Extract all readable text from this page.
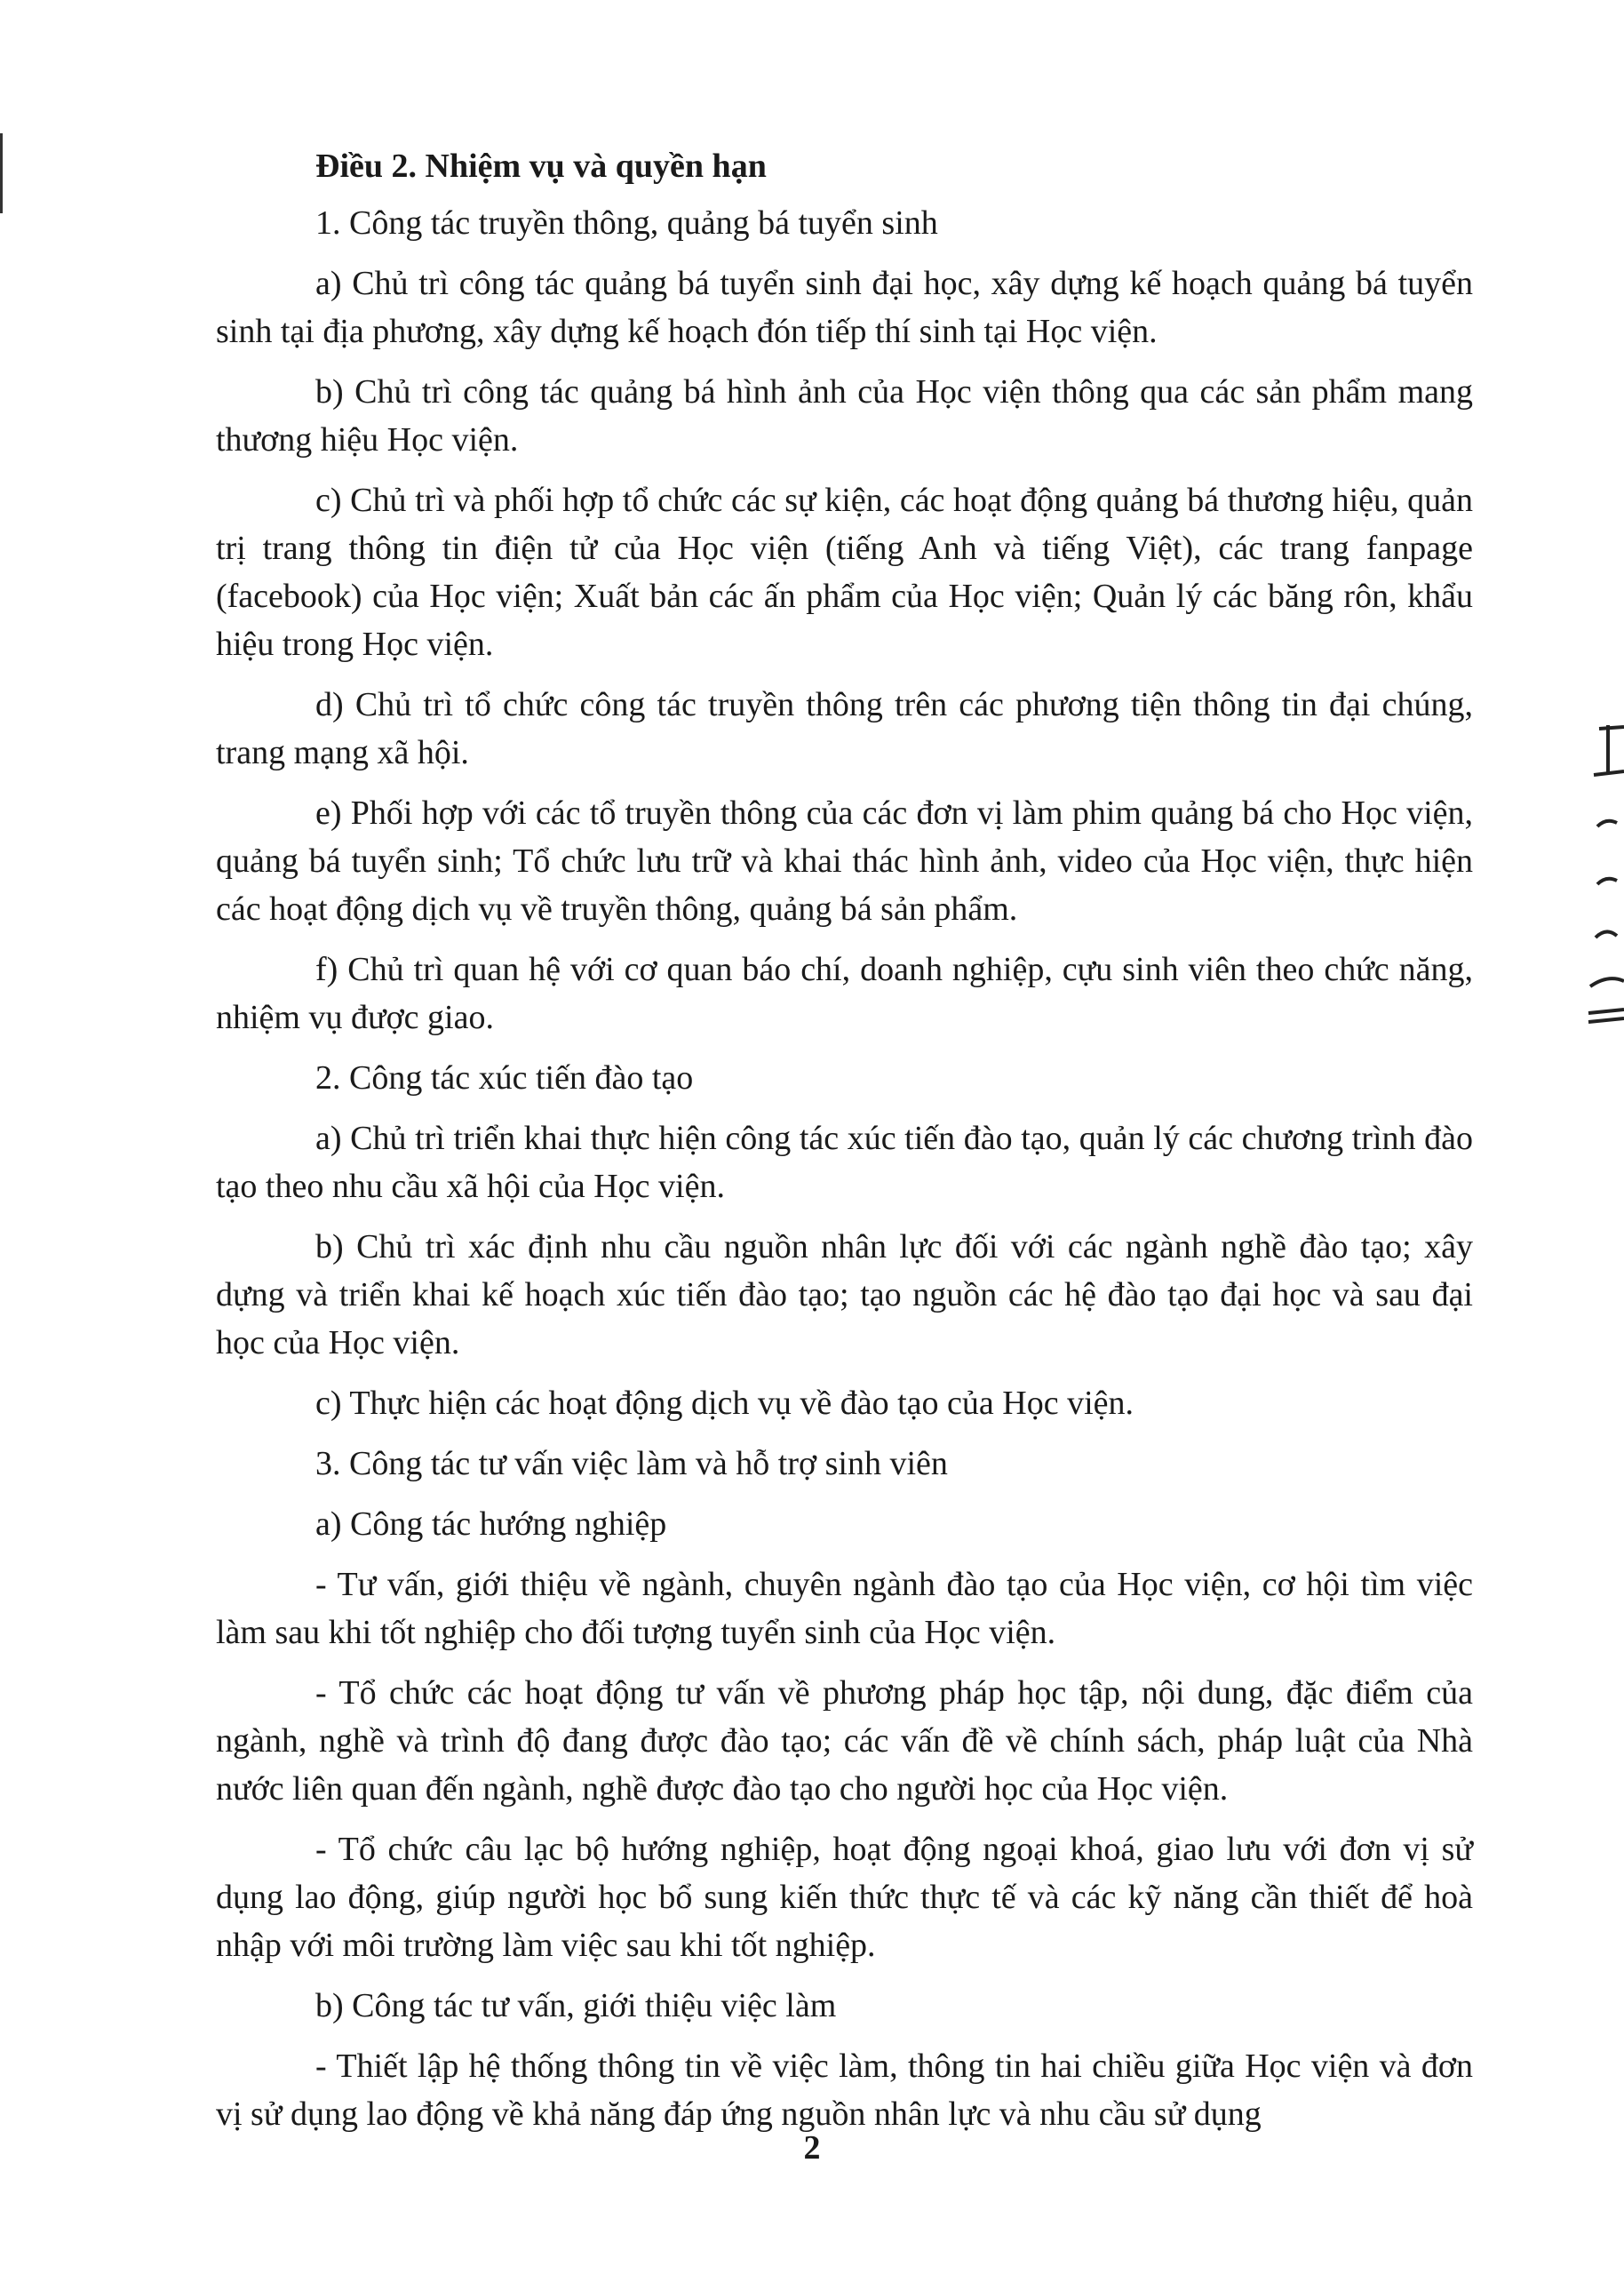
Điều 2. Nhiệm vụ và quyền hạn

1. Công tác truyền thông, quảng bá tuyển sinh

a) Chủ trì công tác quảng bá tuyển sinh đại học, xây dựng kế hoạch quảng bá tuyển sinh tại địa phương, xây dựng kế hoạch đón tiếp thí sinh tại Học viện.

b) Chủ trì công tác quảng bá hình ảnh của Học viện thông qua các sản phẩm mang thương hiệu Học viện.

c) Chủ trì và phối hợp tổ chức các sự kiện, các hoạt động quảng bá thương hiệu, quản trị trang thông tin điện tử của Học viện (tiếng Anh và tiếng Việt), các trang fanpage (facebook) của Học viện; Xuất bản các ấn phẩm của Học viện; Quản lý các băng rôn, khẩu hiệu trong Học viện.

d) Chủ trì tổ chức công tác truyền thông trên các phương tiện thông tin đại chúng, trang mạng xã hội.

e) Phối hợp với các tổ truyền thông của các đơn vị làm phim quảng bá cho Học viện, quảng bá tuyển sinh; Tổ chức lưu trữ và khai thác hình ảnh, video của Học viện, thực hiện các hoạt động dịch vụ về truyền thông, quảng bá sản phẩm.

f) Chủ trì quan hệ với cơ quan báo chí, doanh nghiệp, cựu sinh viên theo chức năng, nhiệm vụ được giao.

2. Công tác xúc tiến đào tạo

a) Chủ trì triển khai thực hiện công tác xúc tiến đào tạo, quản lý các chương trình đào tạo theo nhu cầu xã hội của Học viện.

b) Chủ trì xác định nhu cầu nguồn nhân lực đối với các ngành nghề đào tạo; xây dựng và triển khai kế hoạch xúc tiến đào tạo; tạo nguồn các hệ đào tạo đại học và sau đại học của Học viện.

c) Thực hiện các hoạt động dịch vụ về đào tạo của Học viện.

3. Công tác tư vấn việc làm và hỗ trợ sinh viên

a) Công tác hướng nghiệp

- Tư vấn, giới thiệu về ngành, chuyên ngành đào tạo của Học viện, cơ hội tìm việc làm sau khi tốt nghiệp cho đối tượng tuyển sinh của Học viện.

- Tổ chức các hoạt động tư vấn về phương pháp học tập, nội dung, đặc điểm của ngành, nghề và trình độ đang được đào tạo; các vấn đề về chính sách, pháp luật của Nhà nước liên quan đến ngành, nghề được đào tạo cho người học của Học viện.

- Tổ chức câu lạc bộ hướng nghiệp, hoạt động ngoại khoá, giao lưu với đơn vị sử dụng lao động, giúp người học bổ sung kiến thức thực tế và các kỹ năng cần thiết để hoà nhập với môi trường làm việc sau khi tốt nghiệp.

b) Công tác tư vấn, giới thiệu việc làm

- Thiết lập hệ thống thông tin về việc làm, thông tin hai chiều giữa Học viện và đơn vị sử dụng lao động về khả năng đáp ứng nguồn nhân lực và nhu cầu sử dụng

2
